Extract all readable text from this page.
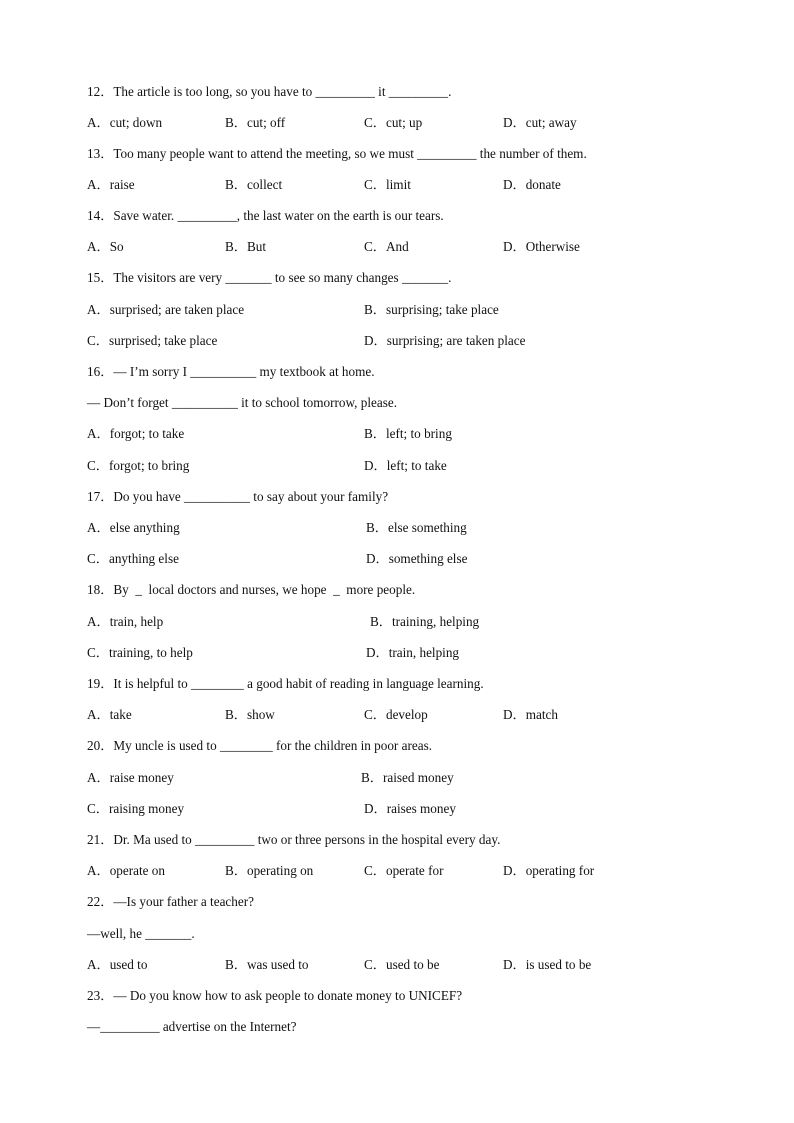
12．The article is too long, so you have to _________ it _________.
A．cut; down	B．cut; off	C．cut; up	D．cut; away
13．Too many people want to attend the meeting, so we must _________ the number of them.
A．raise	B．collect	C．limit	D．donate
14．Save water. _________, the last water on the earth is our tears.
A．So	B．But	C．And	D．Otherwise
15．The visitors are very _______ to see so many changes _______.
A．surprised; are taken place	B．surprising; take place
C．surprised; take place	D．surprising; are taken place
16．— I’m sorry I __________ my textbook at home.
— Don’t forget __________ it to school tomorrow, please.
A．forgot; to take	B．left; to bring
C．forgot; to bring	D．left; to take
17．Do you have __________ to say about your family?
A．else anything	B．else something
C．anything else	D．something else
18．By  _  local doctors and nurses, we hope  _  more people.
A．train, help	B．training, helping
C．training, to help	D．train, helping
19．It is helpful to ________ a good habit of reading in language learning.
A．take	B．show	C．develop	D．match
20．My uncle is used to ________ for the children in poor areas.
A．raise money	B．raised money
C．raising money	D．raises money
21．Dr. Ma used to _________ two or three persons in the hospital every day.
A．operate on	B．operating on	C．operate for	D．operating for
22．—Is your father a teacher?
—well, he _______.
A．used to	B．was used to	C．used to be	D．is used to be
23．— Do you know how to ask people to donate money to UNICEF?
—_________ advertise on the Internet?
